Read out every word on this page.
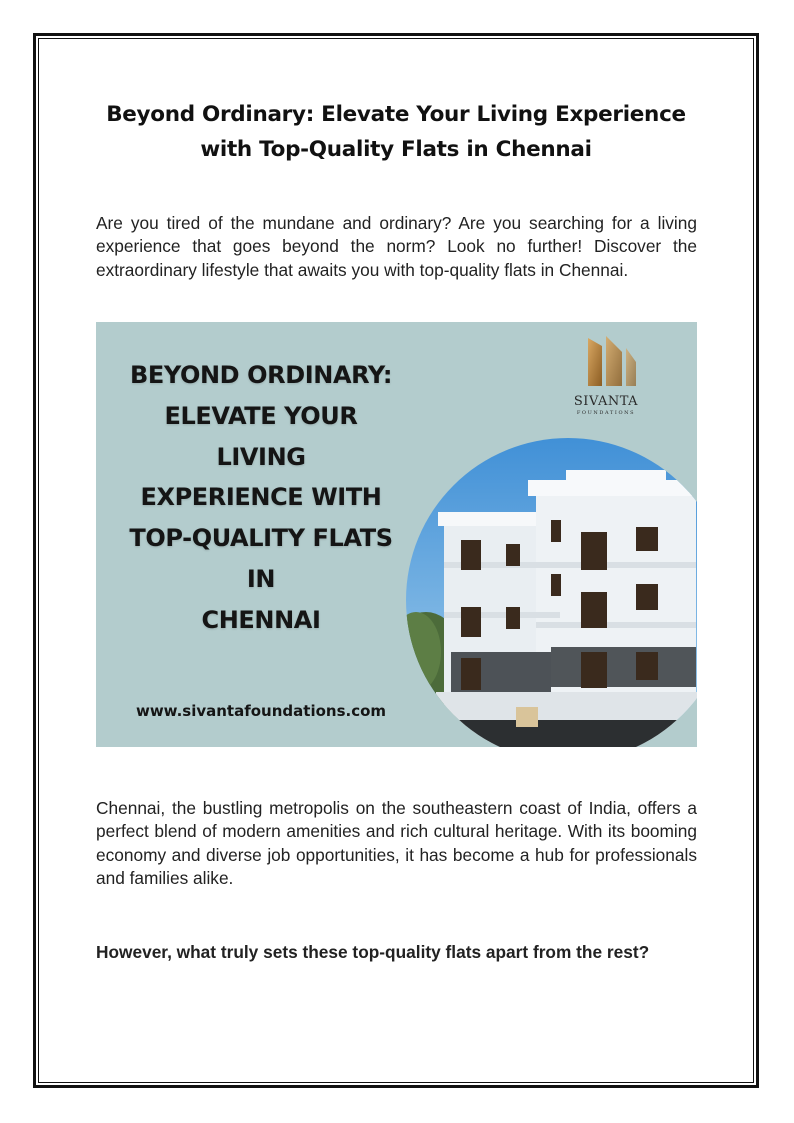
Beyond Ordinary: Elevate Your Living Experience with Top-Quality Flats in Chennai

Are you tired of the mundane and ordinary? Are you searching for a living experience that goes beyond the norm? Look no further! Discover the extraordinary lifestyle that awaits you with top-quality flats in Chennai.

BEYOND ORDINARY:
ELEVATE YOUR
LIVING
EXPERIENCE WITH
TOP-QUALITY FLATS
IN
CHENNAI
SIVANTA
FOUNDATIONS
www.sivantafoundations.com

Chennai, the bustling metropolis on the southeastern coast of India, offers a perfect blend of modern amenities and rich cultural heritage. With its booming economy and diverse job opportunities, it has become a hub for professionals and families alike.

However, what truly sets these top-quality flats apart from the rest?
